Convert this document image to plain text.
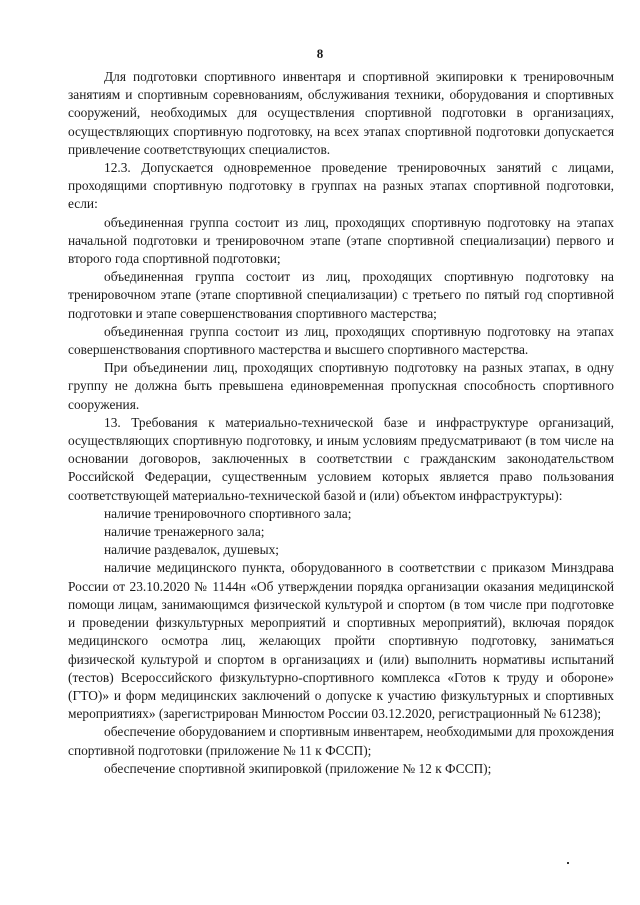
8

Для подготовки спортивного инвентаря и спортивной экипировки к тренировочным занятиям и спортивным соревнованиям, обслуживания техники, оборудования и спортивных сооружений, необходимых для осуществления спортивной подготовки в организациях, осуществляющих спортивную подготовку, на всех этапах спортивной подготовки допускается привлечение соответствующих специалистов.

12.3. Допускается одновременное проведение тренировочных занятий с лицами, проходящими спортивную подготовку в группах на разных этапах спортивной подготовки, если:

объединенная группа состоит из лиц, проходящих спортивную подготовку на этапах начальной подготовки и тренировочном этапе (этапе спортивной специализации) первого и второго года спортивной подготовки;

объединенная группа состоит из лиц, проходящих спортивную подготовку на тренировочном этапе (этапе спортивной специализации) с третьего по пятый год спортивной подготовки и этапе совершенствования спортивного мастерства;

объединенная группа состоит из лиц, проходящих спортивную подготовку на этапах совершенствования спортивного мастерства и высшего спортивного мастерства.

При объединении лиц, проходящих спортивную подготовку на разных этапах, в одну группу не должна быть превышена единовременная пропускная способность спортивного сооружения.

13. Требования к материально-технической базе и инфраструктуре организаций, осуществляющих спортивную подготовку, и иным условиям предусматривают (в том числе на основании договоров, заключенных в соответствии с гражданским законодательством Российской Федерации, существенным условием которых является право пользования соответствующей материально-технической базой и (или) объектом инфраструктуры):

наличие тренировочного спортивного зала;

наличие тренажерного зала;

наличие раздевалок, душевых;

наличие медицинского пункта, оборудованного в соответствии с приказом Минздрава России от 23.10.2020 № 1144н «Об утверждении порядка организации оказания медицинской помощи лицам, занимающимся физической культурой и спортом (в том числе при подготовке и проведении физкультурных мероприятий и спортивных мероприятий), включая порядок медицинского осмотра лиц, желающих пройти спортивную подготовку, заниматься физической культурой и спортом в организациях и (или) выполнить нормативы испытаний (тестов) Всероссийского физкультурно-спортивного комплекса «Готов к труду и обороне» (ГТО)» и форм медицинских заключений о допуске к участию физкультурных и спортивных мероприятиях» (зарегистрирован Минюстом России 03.12.2020, регистрационный № 61238);

обеспечение оборудованием и спортивным инвентарем, необходимыми для прохождения спортивной подготовки (приложение № 11 к ФССП);

обеспечение спортивной экипировкой (приложение № 12 к ФССП);
